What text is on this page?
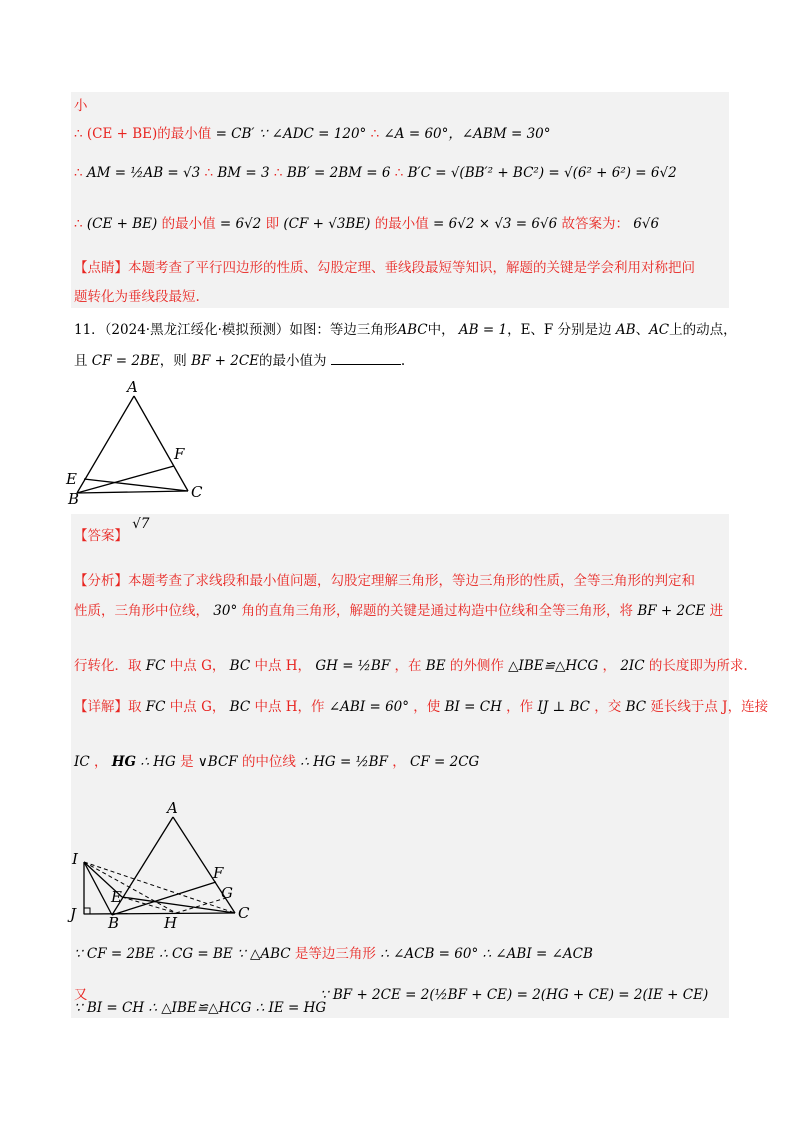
小
∴ (CE + BE)的最小值 = CB′ ∵ ∠ADC = 120° ∴ ∠A = 60°，∠ABM = 30°
∴ AM = ½AB = √3 ∴ BM = 3 ∴ BB′ = 2BM = 6 ∴ B′C = √(BB′² + BC²) = √(6² + 6²) = 6√2
∴ (CE + BE) 的最小值 = 6√2 即 (CF + √3BE) 的最小值 = 6√2 × √3 = 6√6 故答案为： 6√6
【点睛】本题考查了平行四边形的性质、勾股定理、垂线段最短等知识，解题的关键是学会利用对称把问
题转化为垂线段最短.
11．（2024·黑龙江绥化·模拟预测）如图：等边三角形ABC中， AB = 1，E、F 分别是边 AB、AC上的动点，
且 CF = 2BE，则 BF + 2CE的最小值为	.
A
F
E
B	C
【答案】 √7
【分析】本题考查了求线段和最小值问题，勾股定理解三角形，等边三角形的性质，全等三角形的判定和
性质，三角形中位线， 30° 角的直角三角形，解题的关键是通过构造中位线和全等三角形，将 BF + 2CE 进
行转化．取 FC 中点 G， BC 中点 H， GH = ½BF ，在 BE 的外侧作 △IBE≌△HCG ， 2IC 的长度即为所求.
【详解】取 FC 中点 G， BC 中点 H，作 ∠ABI = 60° ，使 BI = CH ，作 IJ ⊥ BC ，交 BC 延长线于点 J，连接
IC ， HG ∴ HG 是 ∨BCF 的中位线 ∴ HG = ½BF ， CF = 2CG
A
I
F
G
E
J B	H
C
∵ CF = 2BE ∴ CG = BE ∵ △ABC 是等边三角形 ∴ ∠ACB = 60° ∴ ∠ABI = ∠ACB
又
∵ BI = CH ∴ △IBE≌△HCG ∴ IE = HG
∵ BF + 2CE = 2(½BF + CE) = 2(HG + CE) = 2(IE + CE)
